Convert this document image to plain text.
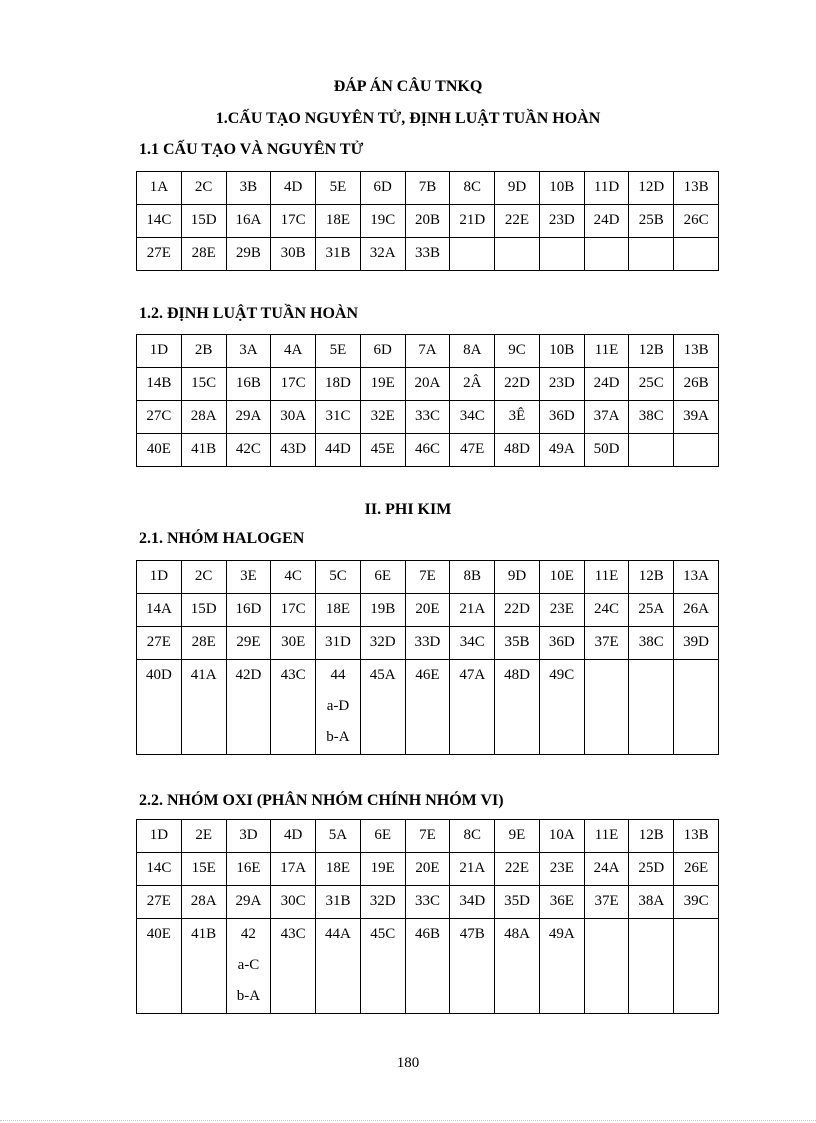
ĐÁP ÁN CÂU TNKQ
1.CẤU TẠO NGUYÊN TỬ, ĐỊNH LUẬT TUẦN HOÀN
1.1 CẤU TẠO VÀ NGUYÊN TỬ
1A	2C	3B	4D	5E	6D	7B	8C	9D	10B	11D	12D	13B
14C	15D	16A	17C	18E	19C	20B	21D	22E	23D	24D	25B	26C
27E	28E	29B	30B	31B	32A	33B						
1.2. ĐỊNH LUẬT TUẦN HOÀN
1D	2B	3A	4A	5E	6D	7A	8A	9C	10B	11E	12B	13B
14B	15C	16B	17C	18D	19E	20A	2Â	22D	23D	24D	25C	26B
27C	28A	29A	30A	31C	32E	33C	34C	3Ê	36D	37A	38C	39A
40E	41B	42C	43D	44D	45E	46C	47E	48D	49A	50D		
II. PHI KIM
2.1. NHÓM HALOGEN
1D	2C	3E	4C	5C	6E	7E	8B	9D	10E	11E	12B	13A
14A	15D	16D	17C	18E	19B	20E	21A	22D	23E	24C	25A	26A
27E	28E	29E	30E	31D	32D	33D	34C	35B	36D	37E	38C	39D
40D	41A	42D	43C	44
a-D
b-A	45A	46E	47A	48D	49C			
2.2. NHÓM OXI (PHÂN NHÓM CHÍNH NHÓM VI)
1D	2E	3D	4D	5A	6E	7E	8C	9E	10A	11E	12B	13B
14C	15E	16E	17A	18E	19E	20E	21A	22E	23E	24A	25D	26E
27E	28A	29A	30C	31B	32D	33C	34D	35D	36E	37E	38A	39C
40E	41B	42
a-C
b-A	43C	44A	45C	46B	47B	48A	49A			

180
